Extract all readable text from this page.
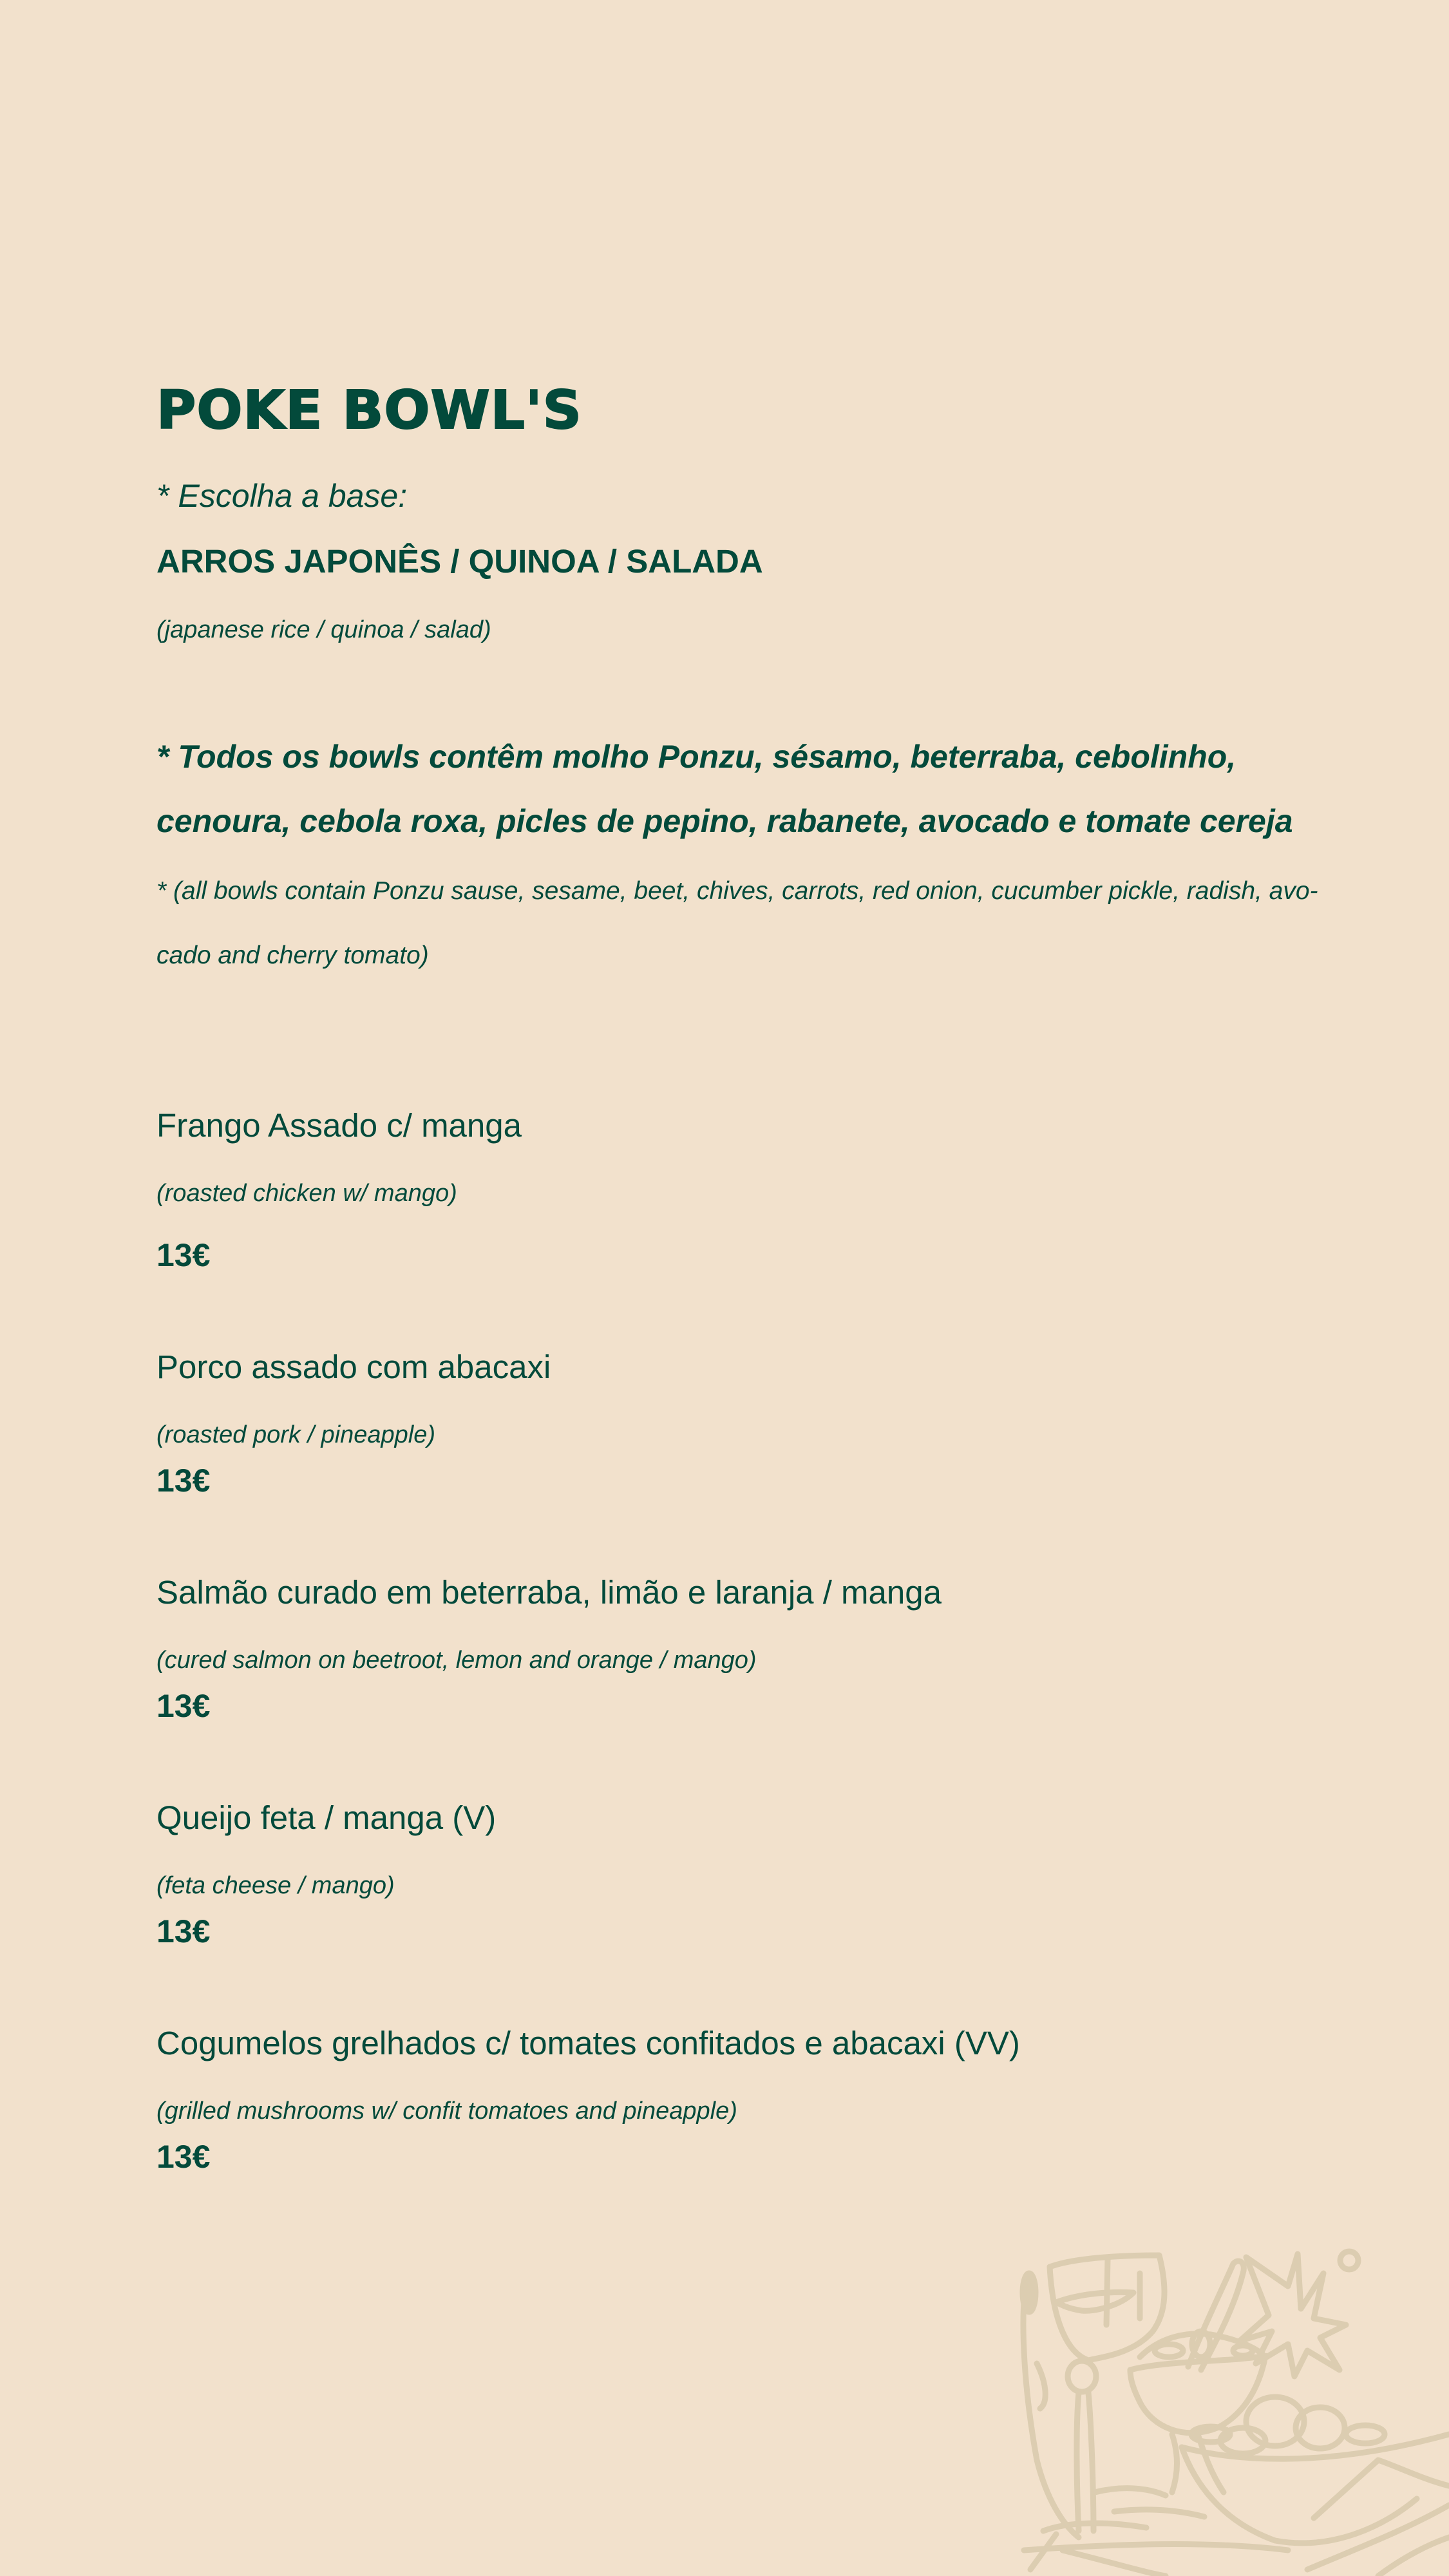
POKE BOWL'S

* Escolha a base:

ARROS JAPONÊS / QUINOA / SALADA

(japanese rice / quinoa / salad)

* Todos os bowls contêm molho Ponzu, sésamo, beterraba, cebolinho,

cenoura, cebola roxa, picles de pepino, rabanete, avocado e tomate cereja

* (all bowls contain Ponzu sause, sesame, beet, chives, carrots, red onion, cucumber pickle, radish, avo-

cado and cherry tomato)

Frango Assado c/ manga

(roasted chicken w/ mango)

13€

Porco assado com abacaxi

(roasted pork / pineapple)

13€

Salmão curado em beterraba, limão e laranja / manga

(cured salmon on beetroot, lemon and orange / mango)

13€

Queijo feta / manga (V)

(feta cheese / mango)

13€

Cogumelos grelhados c/ tomates confitados e abacaxi (VV)

(grilled mushrooms w/ confit tomatoes and pineapple)

13€
